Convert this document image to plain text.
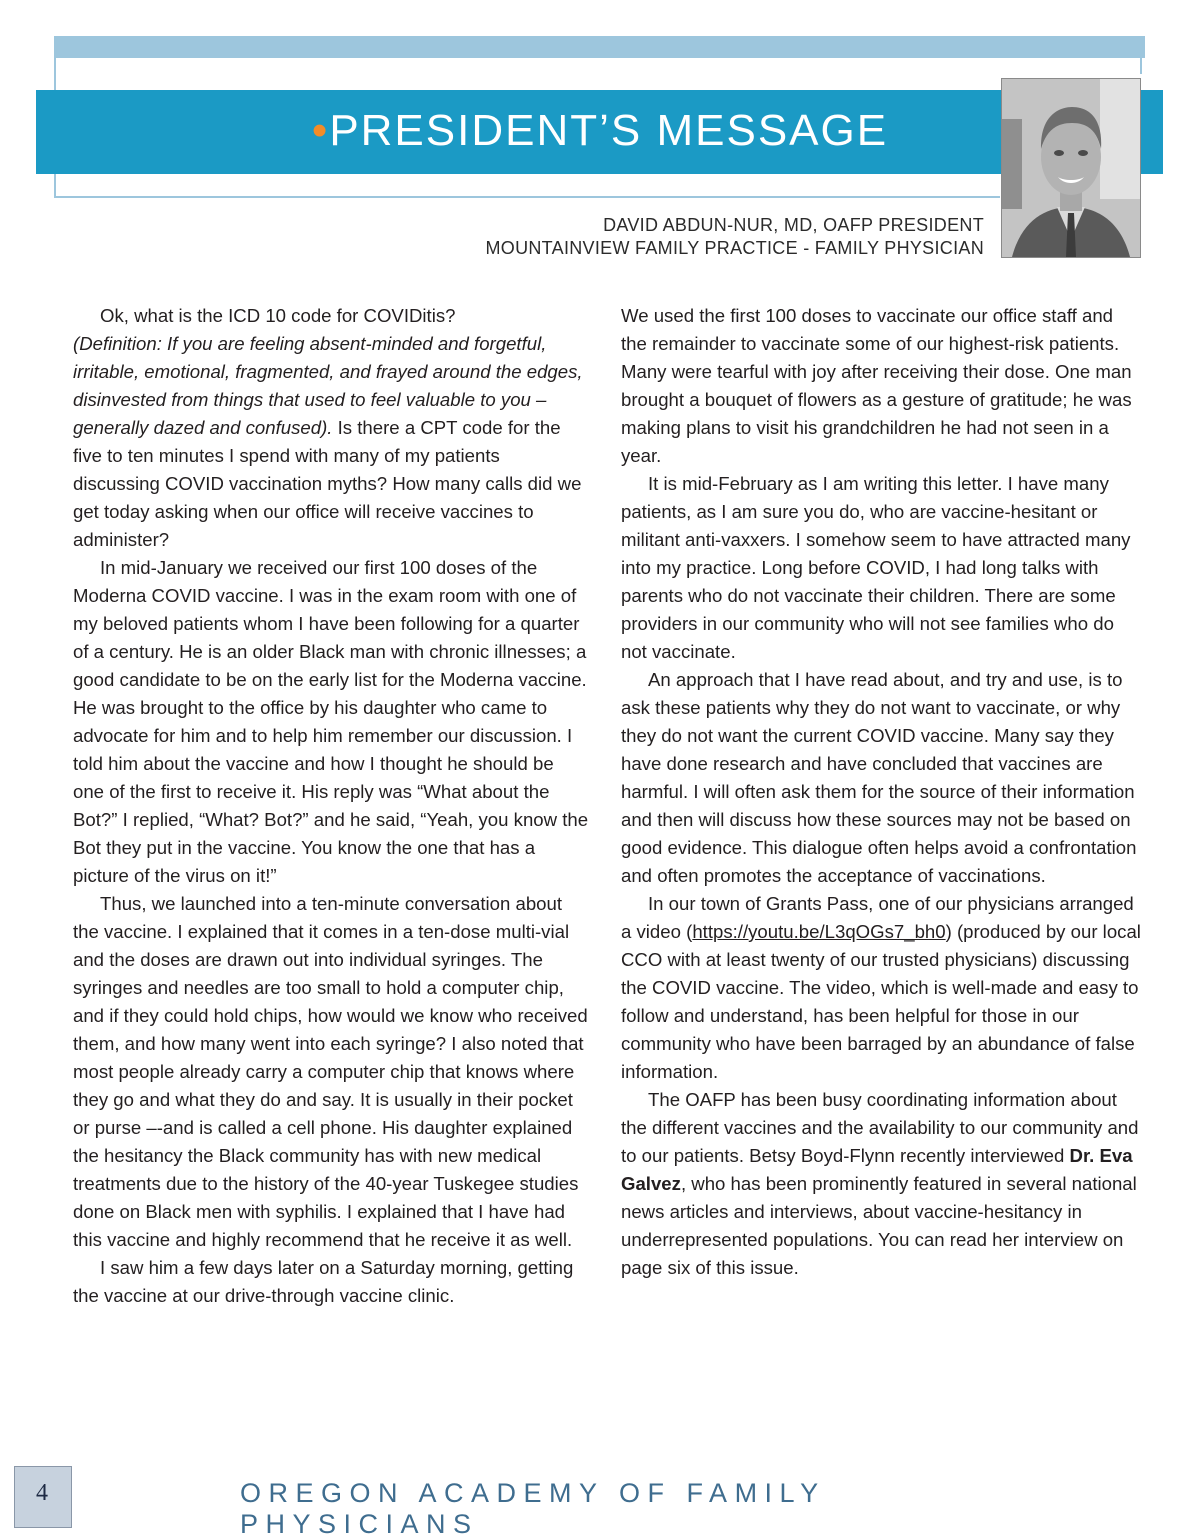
•PRESIDENT’S MESSAGE
DAVID ABDUN-NUR, MD, OAFP PRESIDENT
MOUNTAINVIEW FAMILY PRACTICE - FAMILY PHYSICIAN

Ok, what is the ICD 10 code for COVIDitis?
(Definition: If you are feeling absent-minded and forgetful, irritable, emotional, fragmented, and frayed around the edges, disinvested from things that used to feel valuable to you – generally dazed and confused). Is there a CPT code for the five to ten minutes I spend with many of my patients discussing COVID vaccination myths? How many calls did we get today asking when our office will receive vaccines to administer?

In mid-January we received our first 100 doses of the Moderna COVID vaccine. I was in the exam room with one of my beloved patients whom I have been following for a quarter of a century. He is an older Black man with chronic illnesses; a good candidate to be on the early list for the Moderna vaccine. He was brought to the office by his daughter who came to advocate for him and to help him remember our discussion. I told him about the vaccine and how I thought he should be one of the first to receive it. His reply was “What about the Bot?” I replied, “What? Bot?” and he said, “Yeah, you know the Bot they put in the vaccine. You know the one that has a picture of the virus on it!”

Thus, we launched into a ten-minute conversation about the vaccine. I explained that it comes in a ten-dose multi-vial and the doses are drawn out into individual syringes. The syringes and needles are too small to hold a computer chip, and if they could hold chips, how would we know who received them, and how many went into each syringe? I also noted that most people already carry a computer chip that knows where they go and what they do and say. It is usually in their pocket or purse –-and is called a cell phone. His daughter explained the hesitancy the Black community has with new medical treatments due to the history of the 40-year Tuskegee studies done on Black men with syphilis. I explained that I have had this vaccine and highly recommend that he receive it as well.

I saw him a few days later on a Saturday morning, getting the vaccine at our drive-through vaccine clinic.

We used the first 100 doses to vaccinate our office staff and the remainder to vaccinate some of our highest-risk patients. Many were tearful with joy after receiving their dose. One man brought a bouquet of flowers as a gesture of gratitude; he was making plans to visit his grandchildren he had not seen in a year.

It is mid-February as I am writing this letter. I have many patients, as I am sure you do, who are vaccine-hesitant or militant anti-vaxxers. I somehow seem to have attracted many into my practice. Long before COVID, I had long talks with parents who do not vaccinate their children. There are some providers in our community who will not see families who do not vaccinate.

An approach that I have read about, and try and use, is to ask these patients why they do not want to vaccinate, or why they do not want the current COVID vaccine. Many say they have done research and have concluded that vaccines are harmful. I will often ask them for the source of their information and then will discuss how these sources may not be based on good evidence. This dialogue often helps avoid a confrontation and often promotes the acceptance of vaccinations.

In our town of Grants Pass, one of our physicians arranged a video (https://youtu.be/L3qOGs7_bh0) (produced by our local CCO with at least twenty of our trusted physicians) discussing the COVID vaccine. The video, which is well-made and easy to follow and understand, has been helpful for those in our community who have been barraged by an abundance of false information.

The OAFP has been busy coordinating information about the different vaccines and the availability to our community and to our patients. Betsy Boyd-Flynn recently interviewed Dr. Eva Galvez, who has been prominently featured in several national news articles and interviews, about vaccine-hesitancy in underrepresented populations. You can read her interview on page six of this issue.

4	OREGON ACADEMY OF FAMILY PHYSICIANS
